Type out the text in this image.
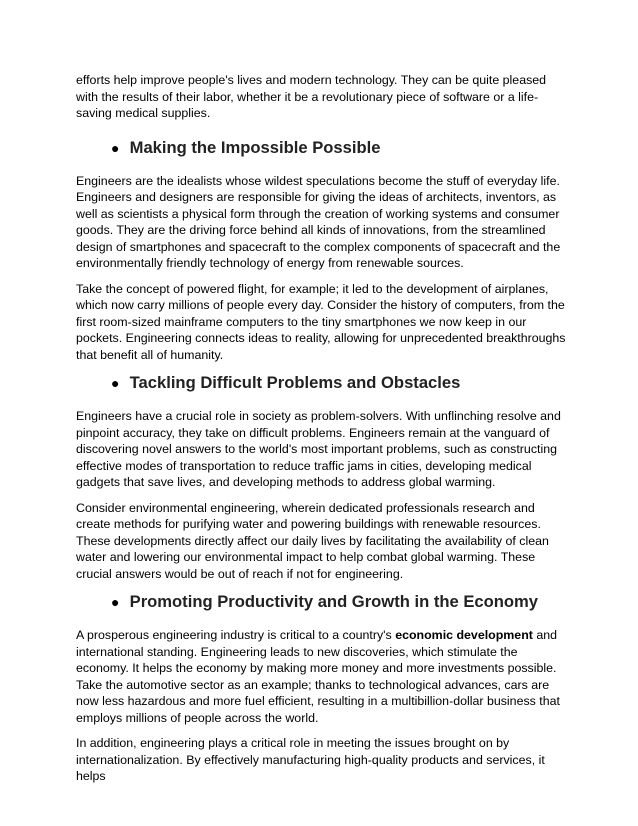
efforts help improve people's lives and modern technology. They can be quite pleased with the results of their labor, whether it be a revolutionary piece of software or a life-saving medical supplies.

● Making the Impossible Possible

Engineers are the idealists whose wildest speculations become the stuff of everyday life. Engineers and designers are responsible for giving the ideas of architects, inventors, as well as scientists a physical form through the creation of working systems and consumer goods. They are the driving force behind all kinds of innovations, from the streamlined design of smartphones and spacecraft to the complex components of spacecraft and the environmentally friendly technology of energy from renewable sources.

Take the concept of powered flight, for example; it led to the development of airplanes, which now carry millions of people every day. Consider the history of computers, from the first room-sized mainframe computers to the tiny smartphones we now keep in our pockets. Engineering connects ideas to reality, allowing for unprecedented breakthroughs that benefit all of humanity.

● Tackling Difficult Problems and Obstacles

Engineers have a crucial role in society as problem-solvers. With unflinching resolve and pinpoint accuracy, they take on difficult problems. Engineers remain at the vanguard of discovering novel answers to the world's most important problems, such as constructing effective modes of transportation to reduce traffic jams in cities, developing medical gadgets that save lives, and developing methods to address global warming.

Consider environmental engineering, wherein dedicated professionals research and create methods for purifying water and powering buildings with renewable resources. These developments directly affect our daily lives by facilitating the availability of clean water and lowering our environmental impact to help combat global warming. These crucial answers would be out of reach if not for engineering.

● Promoting Productivity and Growth in the Economy

A prosperous engineering industry is critical to a country's economic development and international standing. Engineering leads to new discoveries, which stimulate the economy. It helps the economy by making more money and more investments possible. Take the automotive sector as an example; thanks to technological advances, cars are now less hazardous and more fuel efficient, resulting in a multibillion-dollar business that employs millions of people across the world.

In addition, engineering plays a critical role in meeting the issues brought on by internationalization. By effectively manufacturing high-quality products and services, it helps
